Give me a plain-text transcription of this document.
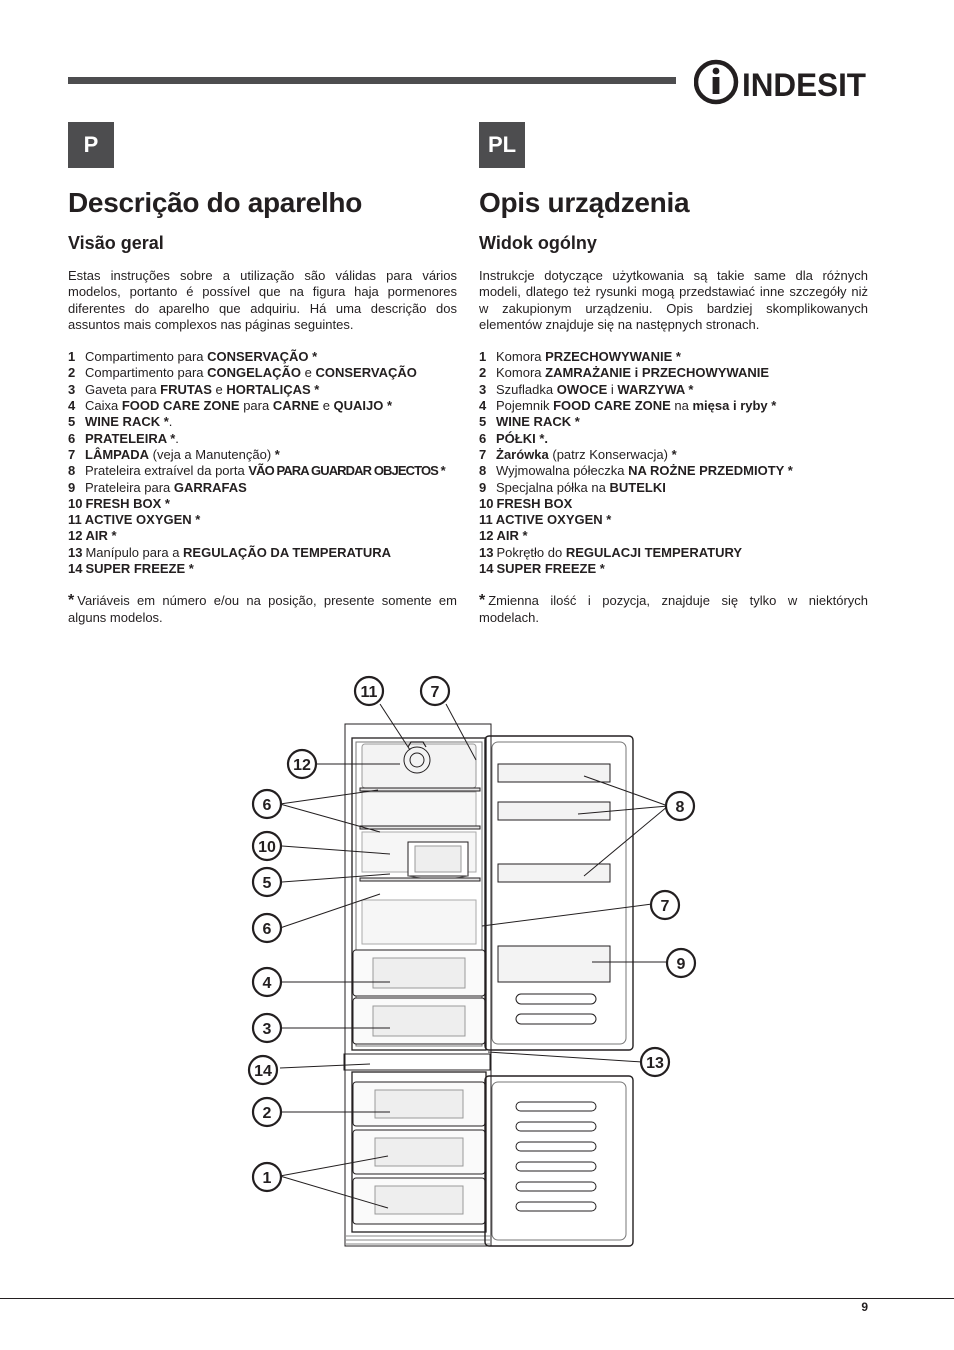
INDESIT
P	PL
Descrição do aparelho
Visão geral

Estas instruções sobre a utilização são válidas para vários modelos, portanto é possível que na figura haja pormenores diferentes do aparelho que adquiriu. Há uma descrição dos assuntos mais complexos nas páginas seguintes.

1 Compartimento para CONSERVAÇÃO *
2 Compartimento para CONGELAÇÃO e CONSERVAÇÃO
3 Gaveta para FRUTAS e HORTALIÇAS *
4 Caixa FOOD CARE ZONE para CARNE e QUAIJO *
5 WINE RACK *.
6 PRATELEIRA *.
7 LÂMPADA (veja a Manutenção) *
8 Prateleira extraível da porta VÃO PARA GUARDAR OBJECTOS *
9 Prateleira para GARRAFAS
10 FRESH BOX *
11 ACTIVE OXYGEN *
12 AIR *
13 Manípulo para a REGULAÇÃO DA TEMPERATURA
14 SUPER FREEZE *

* Variáveis em número e/ou na posição, presente somente em alguns modelos.

Opis urządzenia
Widok ogólny

Instrukcje dotyczące użytkowania są takie same dla różnych modeli, dlatego też rysunki mogą przedstawiać inne szczegóły niż w zakupionym urządzeniu. Opis bardziej skomplikowanych elementów znajduje się na następnych stronach.

1 Komora PRZECHOWYWANIE *
2 Komora ZAMRAŻANIE i PRZECHOWYWANIE
3 Szufladka OWOCE i WARZYWA *
4 Pojemnik FOOD CARE ZONE na mięsa i ryby *
5 WINE RACK *
6 PÓŁKI *.
7 Żarówka (patrz Konserwacja) *
8 Wyjmowalna półeczka NA ROŻNE PRZEDMIOTY *
9 Specjalna półka na BUTELKI
10 FRESH BOX
11 ACTIVE OXYGEN *
12 AIR *
13 Pokrętło do REGULACJI TEMPERATURY
14 SUPER FREEZE *

* Zmienna ilość i pozycja, znajduje się tylko w niektórych modelach.

11	7
12
6
10
5
6
4
3
14
2
1
8
7
9
13
9
